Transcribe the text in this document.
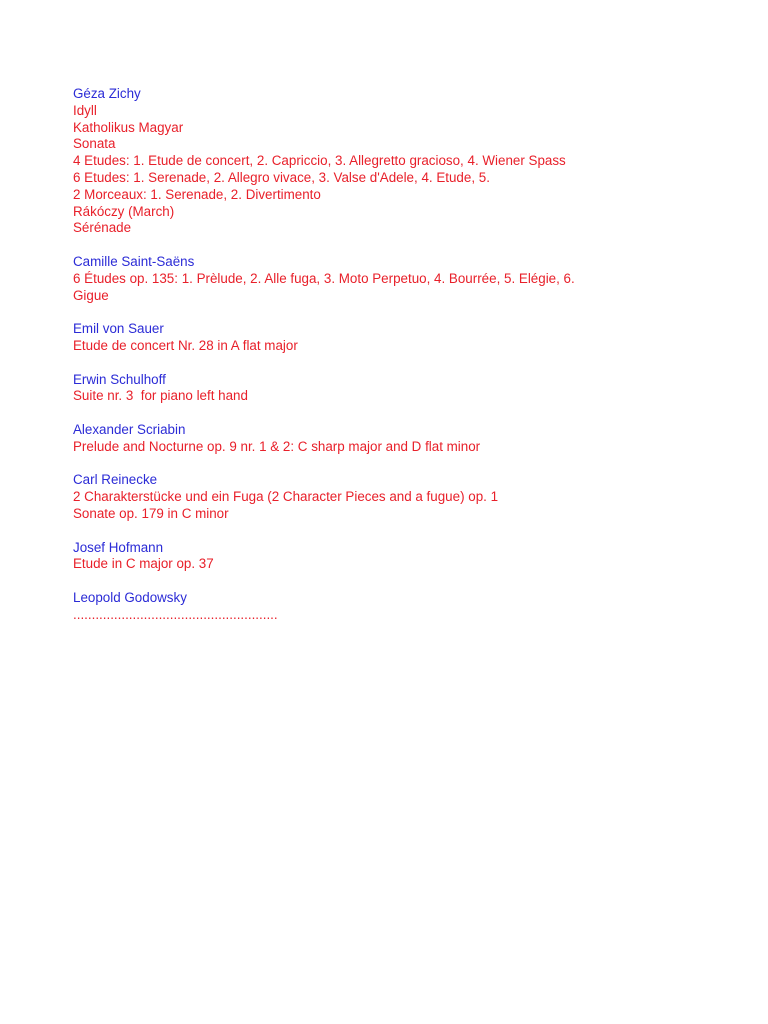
Géza Zichy
Idyll
Katholikus Magyar
Sonata
4 Etudes: 1. Etude de concert, 2. Capriccio, 3. Allegretto gracioso, 4. Wiener Spass
6 Etudes: 1. Serenade, 2. Allegro vivace, 3. Valse d'Adele, 4. Etude, 5.
2 Morceaux: 1. Serenade, 2. Divertimento
Rákóczy (March)
Sérénade
Camille Saint-Saëns
6 Études op. 135: 1. Prèlude, 2. Alle fuga, 3. Moto Perpetuo, 4. Bourrée, 5. Elégie, 6.
Gigue
Emil von Sauer
Etude de concert Nr. 28 in A flat major
Erwin Schulhoff
Suite nr. 3  for piano left hand
Alexander Scriabin
Prelude and Nocturne op. 9 nr. 1 & 2: C sharp major and D flat minor
Carl Reinecke
2 Charakterstücke und ein Fuga (2 Character Pieces and a fugue) op. 1
Sonate op. 179 in C minor
Josef Hofmann
Etude in C major op. 37
Leopold Godowsky
.......................................................
